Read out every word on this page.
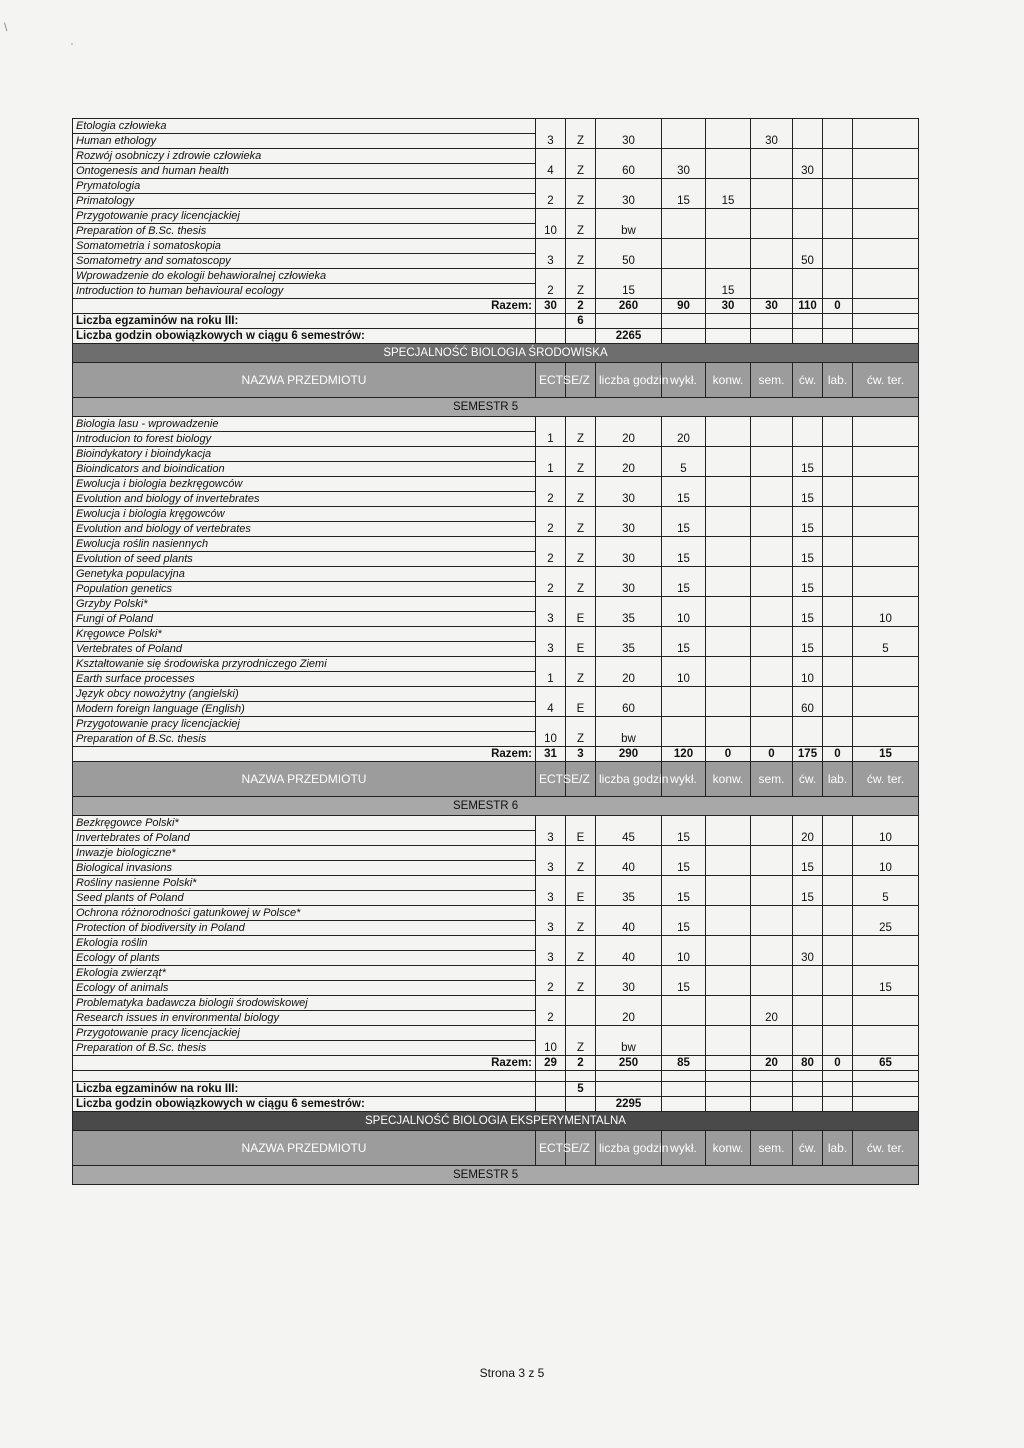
\
·
Etologia człowieka									
Human ethology	3	Z	30			30			
Rozwój osobniczy i zdrowie człowieka									
Ontogenesis and human health	4	Z	60	30			30		
Prymatologia									
Primatology	2	Z	30	15	15				
Przygotowanie pracy licencjackiej									
Preparation of B.Sc. thesis	10	Z	bw						
Somatometria i somatoskopia									
Somatometry and somatoscopy	3	Z	50				50		
Wprowadzenie do ekologii behawioralnej człowieka									
Introduction to human behavioural ecology	2	Z	15		15				
Razem:	30	2	260	90	30	30	110	0	
Liczba egzaminów na roku III:		6							
Liczba godzin obowiązkowych w ciągu 6 semestrów:			2265						
SPECJALNOŚĆ BIOLOGIA ŚRODOWISKA									
NAZWA PRZEDMIOTU	ECTS	E/Z	liczba godzin	wykł.	konw.	sem.	ćw.	lab.	ćw. ter.
SEMESTR 5									
Biologia lasu - wprowadzenie									
Introducion to forest biology	1	Z	20	20					
Bioindykatory i bioindykacja									
Bioindicators and bioindication	1	Z	20	5			15		
Ewolucja i biologia bezkręgowców									
Evolution and biology of invertebrates	2	Z	30	15			15		
Ewolucja i biologia kręgowców									
Evolution and biology of vertebrates	2	Z	30	15			15		
Ewolucja roślin nasiennych									
Evolution of seed plants	2	Z	30	15			15		
Genetyka populacyjna									
Population genetics	2	Z	30	15			15		
Grzyby Polski*									
Fungi of Poland	3	E	35	10			15		10
Kręgowce Polski*									
Vertebrates of Poland	3	E	35	15			15		5
Kształtowanie się środowiska przyrodniczego Ziemi									
Earth surface processes	1	Z	20	10			10		
Język obcy nowożytny (angielski)									
Modern foreign language (English)	4	E	60				60		
Przygotowanie pracy licencjackiej									
Preparation of B.Sc. thesis	10	Z	bw						
Razem:	31	3	290	120	0	0	175	0	15
NAZWA PRZEDMIOTU	ECTS	E/Z	liczba godzin	wykł.	konw.	sem.	ćw.	lab.	ćw. ter.
SEMESTR 6									
Bezkręgowce Polski*									
Invertebrates of Poland	3	E	45	15			20		10
Inwazje biologiczne*									
Biological invasions	3	Z	40	15			15		10
Rośliny nasienne Polski*									
Seed plants of Poland	3	E	35	15			15		5
Ochrona różnorodności gatunkowej w Polsce*									
Protection of biodiversity in Poland	3	Z	40	15					25
Ekologia roślin									
Ecology of plants	3	Z	40	10			30		
Ekologia zwierząt*									
Ecology of animals	2	Z	30	15					15
Problematyka badawcza biologii środowiskowej									
Research issues in environmental biology	2		20			20			
Przygotowanie pracy licencjackiej									
Preparation of B.Sc. thesis	10	Z	bw						
Razem:	29	2	250	85		20	80	0	65

Liczba egzaminów na roku III:		5							
Liczba godzin obowiązkowych w ciągu 6 semestrów:			2295						
SPECJALNOŚĆ BIOLOGIA EKSPERYMENTALNA									
NAZWA PRZEDMIOTU	ECTS	E/Z	liczba godzin	wykł.	konw.	sem.	ćw.	lab.	ćw. ter.
SEMESTR 5									
Strona 3 z 5
